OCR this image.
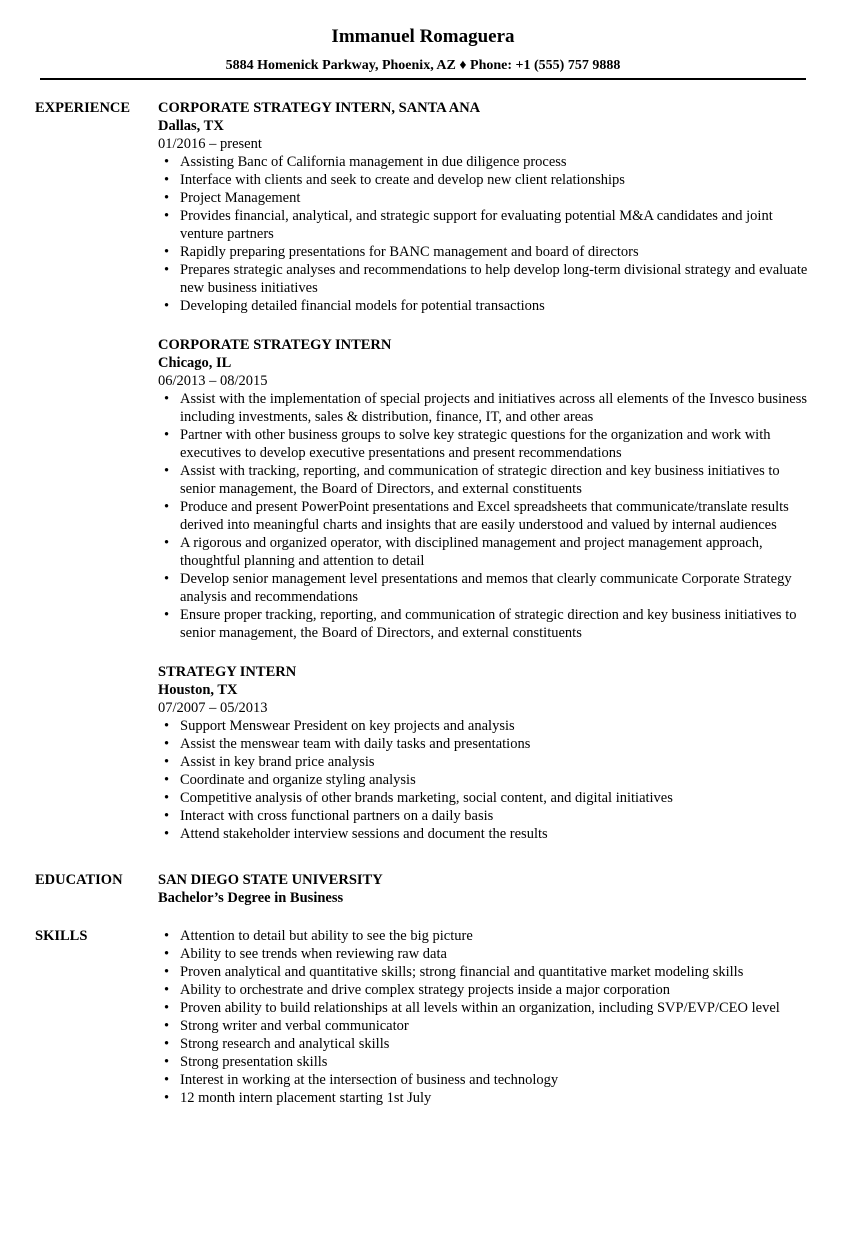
Immanuel Romaguera
5884 Homenick Parkway, Phoenix, AZ ♦ Phone: +1 (555) 757 9888
EXPERIENCE CORPORATE STRATEGY INTERN, SANTA ANA
Dallas, TX
01/2016 – present
• Assisting Banc of California management in due diligence process
• Interface with clients and seek to create and develop new client relationships
• Project Management
• Provides financial, analytical, and strategic support for evaluating potential M&A candidates and joint venture partners
• Rapidly preparing presentations for BANC management and board of directors
• Prepares strategic analyses and recommendations to help develop long-term divisional strategy and evaluate new business initiatives
• Developing detailed financial models for potential transactions
CORPORATE STRATEGY INTERN
Chicago, IL
06/2013 – 08/2015
• Assist with the implementation of special projects and initiatives across all elements of the Invesco business including investments, sales & distribution, finance, IT, and other areas
• Partner with other business groups to solve key strategic questions for the organization and work with executives to develop executive presentations and present recommendations
• Assist with tracking, reporting, and communication of strategic direction and key business initiatives to senior management, the Board of Directors, and external constituents
• Produce and present PowerPoint presentations and Excel spreadsheets that communicate/translate results derived into meaningful charts and insights that are easily understood and valued by internal audiences
• A rigorous and organized operator, with disciplined management and project management approach, thoughtful planning and attention to detail
• Develop senior management level presentations and memos that clearly communicate Corporate Strategy analysis and recommendations
• Ensure proper tracking, reporting, and communication of strategic direction and key business initiatives to senior management, the Board of Directors, and external constituents
STRATEGY INTERN
Houston, TX
07/2007 – 05/2013
• Support Menswear President on key projects and analysis
• Assist the menswear team with daily tasks and presentations
• Assist in key brand price analysis
• Coordinate and organize styling analysis
• Competitive analysis of other brands marketing, social content, and digital initiatives
• Interact with cross functional partners on a daily basis
• Attend stakeholder interview sessions and document the results
EDUCATION SAN DIEGO STATE UNIVERSITY
Bachelor’s Degree in Business
SKILLS	• Attention to detail but ability to see the big picture
• Ability to see trends when reviewing raw data
• Proven analytical and quantitative skills; strong financial and quantitative market modeling skills
• Ability to orchestrate and drive complex strategy projects inside a major corporation
• Proven ability to build relationships at all levels within an organization, including SVP/EVP/CEO level
• Strong writer and verbal communicator
• Strong research and analytical skills
• Strong presentation skills
• Interest in working at the intersection of business and technology
• 12 month intern placement starting 1st July
